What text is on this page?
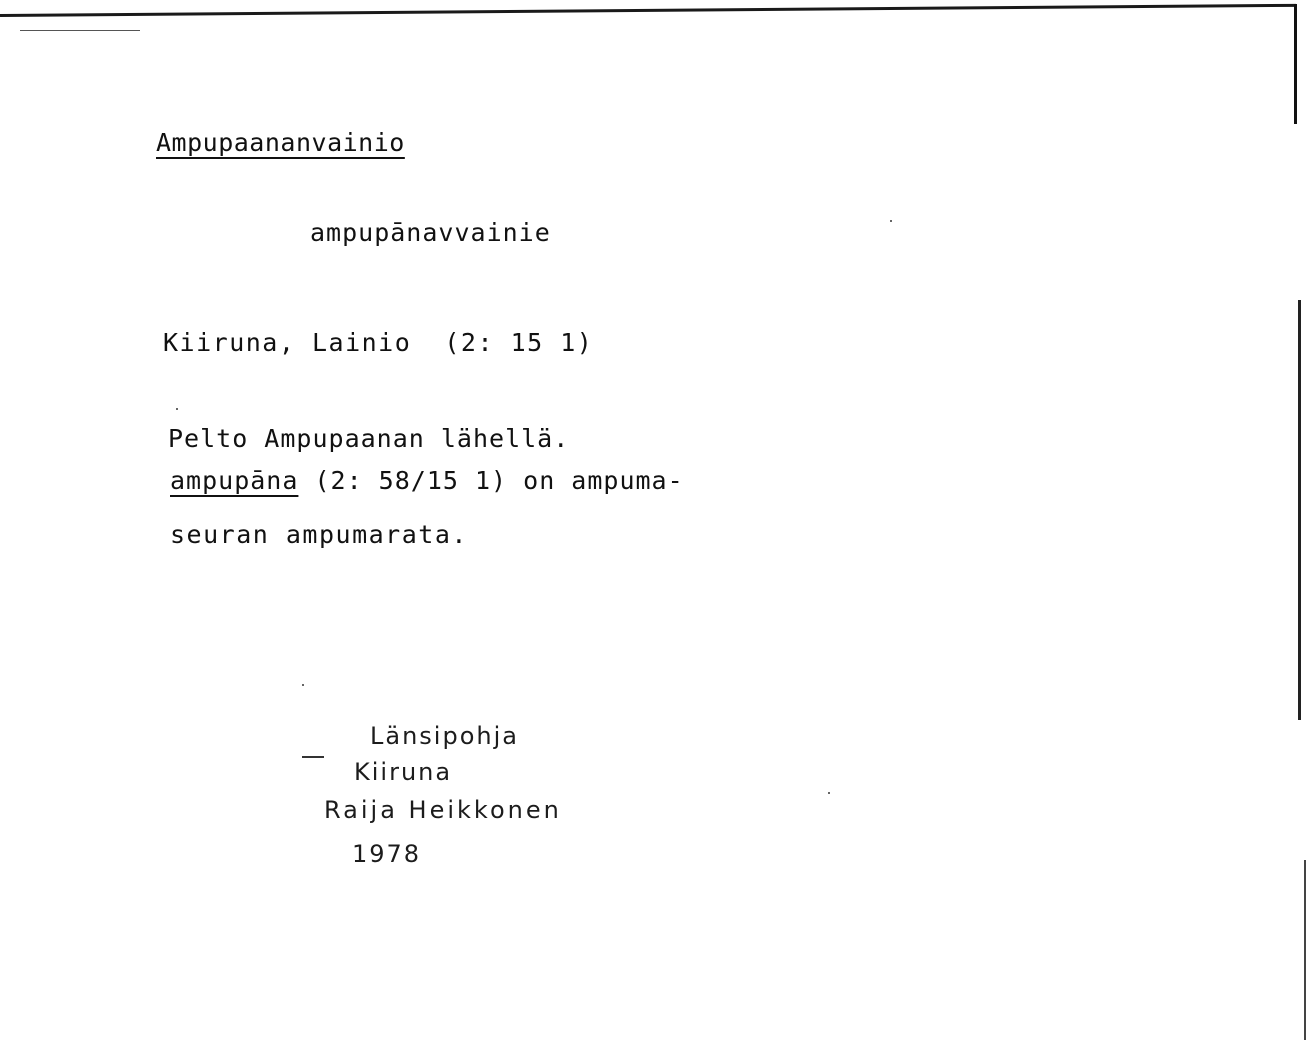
Ampupaananvainio
ampupānavvainie
Kiiruna, Lainio  (2: 15 1)
Pelto Ampupaanan lähellä.
ampupāna (2: 58/15 1) on ampuma-
seuran ampumarata.
Länsipohja
Kiiruna
Raija Heikkonen
1978
